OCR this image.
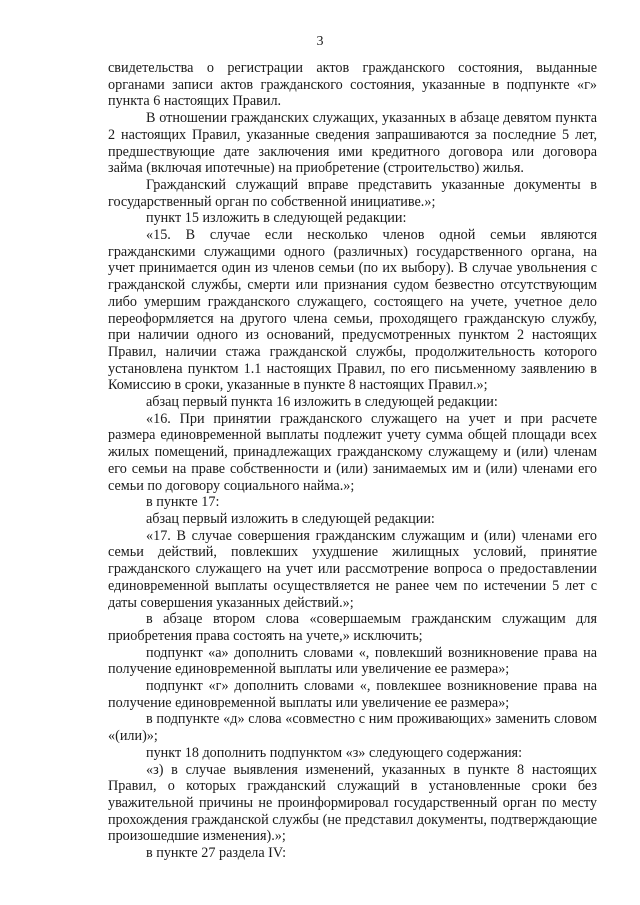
3

свидетельства о регистрации актов гражданского состояния, выданные органами записи актов гражданского состояния, указанные в подпункте «г» пункта 6 настоящих Правил.

В отношении гражданских служащих, указанных в абзаце девятом пункта 2 настоящих Правил, указанные сведения запрашиваются за последние 5 лет, предшествующие дате заключения ими кредитного договора или договора займа (включая ипотечные) на приобретение (строительство) жилья.

Гражданский служащий вправе представить указанные документы в государственный орган по собственной инициативе.»;

пункт 15 изложить в следующей редакции:

«15. В случае если несколько членов одной семьи являются гражданскими служащими одного (различных) государственного органа, на учет принимается один из членов семьи (по их выбору). В случае увольнения с гражданской службы, смерти или признания судом безвестно отсутствующим либо умершим гражданского служащего, состоящего на учете, учетное дело переоформляется на другого члена семьи, проходящего гражданскую службу, при наличии одного из оснований, предусмотренных пунктом 2 настоящих Правил, наличии стажа гражданской службы, продолжительность которого установлена пунктом 1.1 настоящих Правил, по его письменному заявлению в Комиссию в сроки, указанные в пункте 8 настоящих Правил.»;

абзац первый пункта 16 изложить в следующей редакции:

«16. При принятии гражданского служащего на учет и при расчете размера единовременной выплаты подлежит учету сумма общей площади всех жилых помещений, принадлежащих гражданскому служащему и (или) членам его семьи на праве собственности и (или) занимаемых им и (или) членами его семьи по договору социального найма.»;

в пункте 17:

абзац первый изложить в следующей редакции:

«17. В случае совершения гражданским служащим и (или) членами его семьи действий, повлекших ухудшение жилищных условий, принятие гражданского служащего на учет или рассмотрение вопроса о предоставлении единовременной выплаты осуществляется не ранее чем по истечении 5 лет с даты совершения указанных действий.»;

в абзаце втором слова «совершаемым гражданским служащим для приобретения права состоять на учете,» исключить;

подпункт «а» дополнить словами «, повлекший возникновение права на получение единовременной выплаты или увеличение ее размера»;

подпункт «г» дополнить словами «, повлекшее возникновение права на получение единовременной выплаты или увеличение ее размера»;

в подпункте «д» слова «совместно с ним проживающих» заменить словом «(или)»;

пункт 18 дополнить подпунктом «з» следующего содержания:

«з) в случае выявления изменений, указанных в пункте 8 настоящих Правил, о которых гражданский служащий в установленные сроки без уважительной причины не проинформировал государственный орган по месту прохождения гражданской службы (не представил документы, подтверждающие произошедшие изменения).»;

в пункте 27 раздела IV:
